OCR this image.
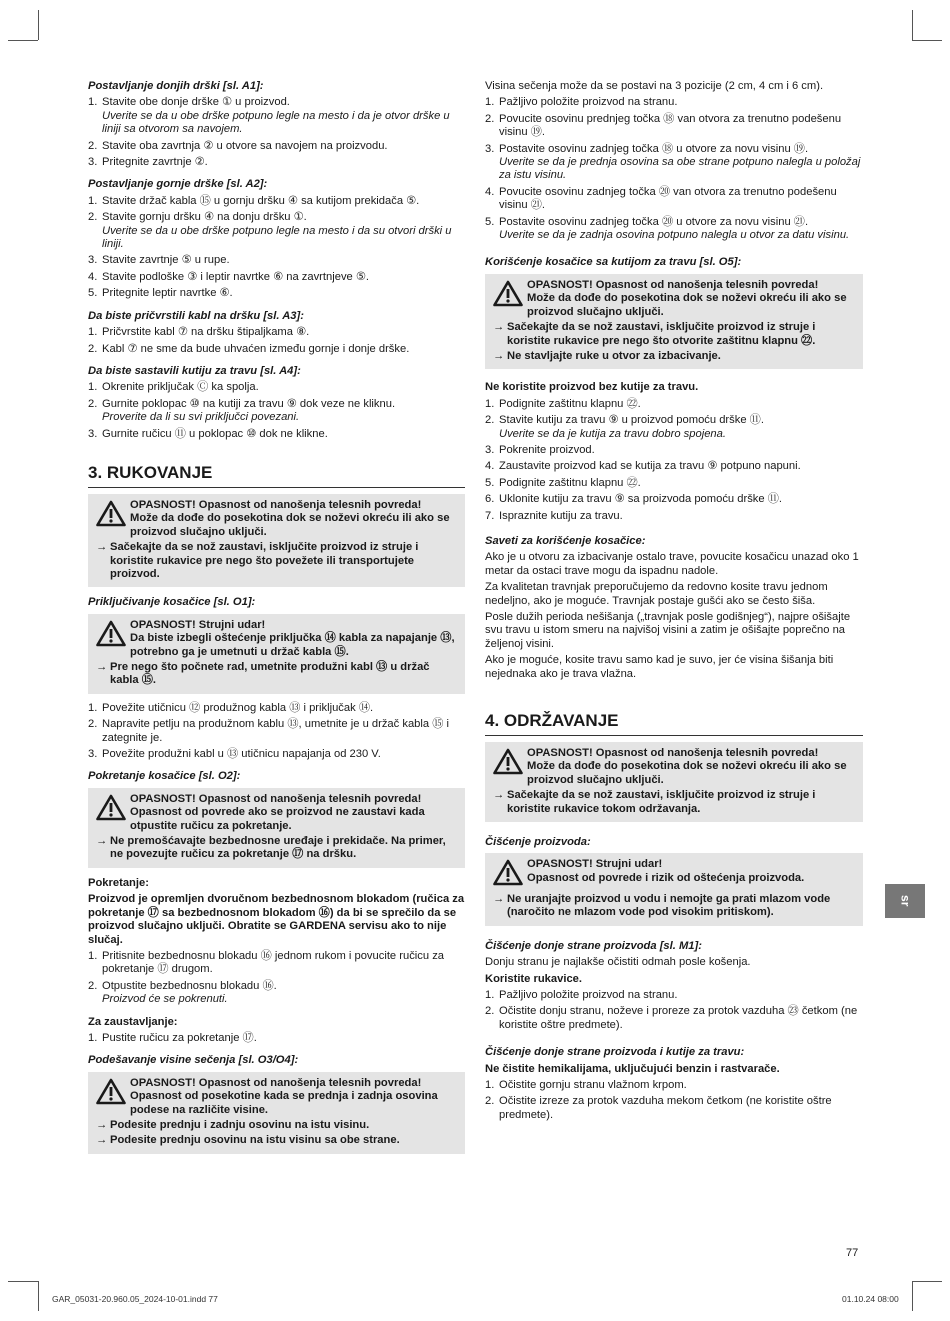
Postavljanje donjih drški [sl. A1]:
1. Stavite obe donje drške ① u proizvod.
Uverite se da u obe drške potpuno legle na mesto i da je otvor drške u liniji sa otvorom sa navojem.
2. Stavite oba zavrtnja ② u otvore sa navojem na proizvodu.
3. Pritegnite zavrtnje ②.
Postavljanje gornje drške [sl. A2]:
1. Stavite držač kabla ⑮ u gornju dršku ④ sa kutijom prekidača ⑤.
2. Stavite gornju dršku ④ na donju dršku ①.
Uverite se da u obe drške potpuno legle na mesto i da su otvori drški u liniji.
3. Stavite zavrtnje ⑤ u rupe.
4. Stavite podloške ③ i leptir navrtke ⑥ na zavrtnjeve ⑤.
5. Pritegnite leptir navrtke ⑥.
Da biste pričvrstili kabl na dršku [sl. A3]:
1. Pričvrstite kabl ⑦ na dršku štipaljkama ⑧.
2. Kabl ⑦ ne sme da bude uhvaćen između gornje i donje drške.
Da biste sastavili kutiju za travu [sl. A4]:
1. Okrenite priključak Ⓒ ka spolja.
2. Gurnite poklopac ⑩ na kutiji za travu ⑨ dok veze ne kliknu.
Proverite da li su svi priključci povezani.
3. Gurnite ručicu ⑪ u poklopac ⑩ dok ne klikne.
3. RUKOVANJE
OPASNOST! Opasnost od nanošenja telesnih povreda!
Može da dođe do posekotina dok se noževi okreću ili ako se proizvod slučajno uključi.
→ Sačekajte da se nož zaustavi, isključite proizvod iz struje i koristite rukavice pre nego što povežete ili transportujete proizvod.
Priključivanje kosačice [sl. O1]:
OPASNOST! Strujni udar!
Da biste izbegli oštećenje priključka ⑭ kabla za napajanje ⑬, potrebno ga je umetnuti u držač kabla ⑮.
→ Pre nego što počnete rad, umetnite produžni kabl ⑬ u držač kabla ⑮.
1. Povežite utičnicu ⑫ produžnog kabla ⑬ i priključak ⑭.
2. Napravite petlju na produžnom kablu ⑬, umetnite je u držač kabla ⑮ i zategnite je.
3. Povežite produžni kabl u ⑬ utičnicu napajanja od 230 V.
Pokretanje kosačice [sl. O2]:
OPASNOST! Opasnost od nanošenja telesnih povreda!
Opasnost od povrede ako se proizvod ne zaustavi kada otpustite ručicu za pokretanje.
→ Ne premošćavajte bezbednosne uređaje i prekidače. Na primer, ne povezujte ručicu za pokretanje ⑰ na dršku.
Pokretanje:
Proizvod je opremljen dvoručnom bezbednosnom blokadom (ručica za pokretanje ⑰ sa bezbednosnom blokadom ⑯) da bi se sprečilo da se proizvod slučajno uključi. Obratite se GARDENA servisu ako to nije slučaj.
1. Pritisnite bezbednosnu blokadu ⑯ jednom rukom i povucite ručicu za pokretanje ⑰ drugom.
2. Otpustite bezbednosnu blokadu ⑯.
Proizvod će se pokrenuti.
Za zaustavljanje:
1. Pustite ručicu za pokretanje ⑰.
Podešavanje visine sečenja [sl. O3/O4]:
OPASNOST! Opasnost od nanošenja telesnih povreda!
Opasnost od posekotine kada se prednja i zadnja osovina podese na različite visine.
→ Podesite prednju i zadnju osovinu na istu visinu.
→ Podesite prednju osovinu na istu visinu sa obe strane.
Visina sečenja može da se postavi na 3 pozicije (2 cm, 4 cm i 6 cm).
1. Pažljivo položite proizvod na stranu.
2. Povucite osovinu prednjeg točka ⑱ van otvora za trenutno podešenu visinu ⑲.
3. Postavite osovinu zadnjeg točka ⑱ u otvore za novu visinu ⑲.
Uverite se da je prednja osovina sa obe strane potpuno nalegla u položaj za istu visinu.
4. Povucite osovinu zadnjeg točka ⑳ van otvora za trenutno podešenu visinu ㉑.
5. Postavite osovinu zadnjeg točka ⑳ u otvore za novu visinu ㉑.
Uverite se da je zadnja osovina potpuno nalegla u otvor za datu visinu.
Korišćenje kosačice sa kutijom za travu [sl. O5]:
OPASNOST! Opasnost od nanošenja telesnih povreda!
Može da dođe do posekotina dok se noževi okreću ili ako se proizvod slučajno uključi.
→ Sačekajte da se nož zaustavi, isključite proizvod iz struje i koristite rukavice pre nego što otvorite zaštitnu klapnu ㉒.
→ Ne stavljajte ruke u otvor za izbacivanje.
Ne koristite proizvod bez kutije za travu.
1. Podignite zaštitnu klapnu ㉒.
2. Stavite kutiju za travu ⑨ u proizvod pomoću drške ⑪.
Uverite se da je kutija za travu dobro spojena.
3. Pokrenite proizvod.
4. Zaustavite proizvod kad se kutija za travu ⑨ potpuno napuni.
5. Podignite zaštitnu klapnu ㉒.
6. Uklonite kutiju za travu ⑨ sa proizvoda pomoću drške ⑪.
7. Ispraznite kutiju za travu.
Saveti za korišćenje kosačice:
Ako je u otvoru za izbacivanje ostalo trave, povucite kosačicu unazad oko 1 metar da ostaci trave mogu da ispadnu nadole.
Za kvalitetan travnjak preporučujemo da redovno kosite travu jednom nedeljno, ako je moguće. Travnjak postaje gušći ako se često šiša.
Posle dužih perioda nešišanja („travnjak posle godišnjeg“), najpre ošišajte svu travu u istom smeru na najvišoj visini a zatim je ošišajte poprečno na željenoj visini.
Ako je moguće, kosite travu samo kad je suvo, jer će visina šišanja biti nejednaka ako je trava vlažna.
4. ODRŽAVANJE
OPASNOST! Opasnost od nanošenja telesnih povreda!
Može da dođe do posekotina dok se noževi okreću ili ako se proizvod slučajno uključi.
→ Sačekajte da se nož zaustavi, isključite proizvod iz struje i koristite rukavice tokom održavanja.
Čišćenje proizvoda:
OPASNOST! Strujni udar!
Opasnost od povrede i rizik od oštećenja proizvoda.
→ Ne uranjajte proizvod u vodu i nemojte ga prati mlazom vode (naročito ne mlazom vode pod visokim pritiskom).
Čišćenje donje strane proizvoda [sl. M1]:
Donju stranu je najlakše očistiti odmah posle košenja.
Koristite rukavice.
1. Pažljivo položite proizvod na stranu.
2. Očistite donju stranu, noževe i proreze za protok vazduha ㉓ četkom (ne koristite oštre predmete).
Čišćenje donje strane proizvoda i kutije za travu:
Ne čistite hemikalijama, uključujući benzin i rastvarače.
1. Očistite gornju stranu vlažnom krpom.
2. Očistite izreze za protok vazduha mekom četkom (ne koristite oštre predmete).
sr
77
GAR_05031-20.960.05_2024-10-01.indd 77	01.10.24 08:00
